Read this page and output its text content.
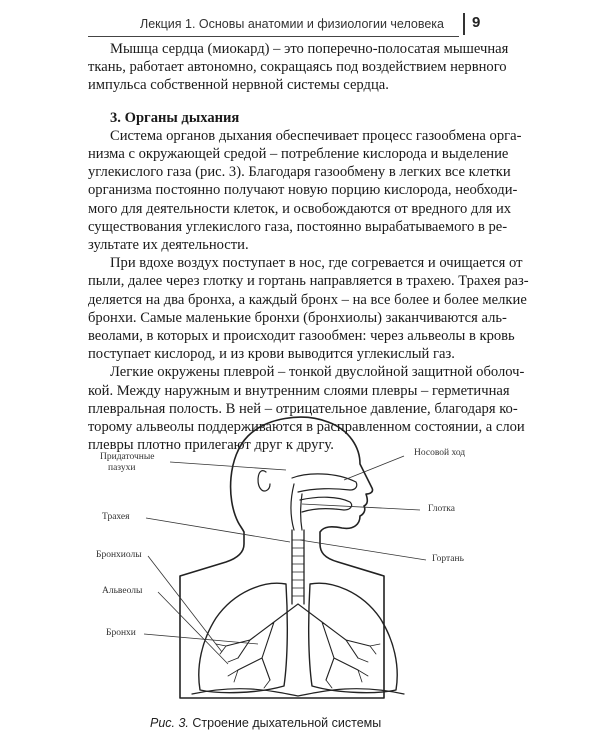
Лекция 1. Основы анатомии и физиологии человека 9
Мышца сердца (миокард) – это поперечно-полосатая мышечная
ткань, работает автономно, сокращаясь под воздействием нервного
импульса собственной нервной системы сердца.
3. Органы дыхания
Система органов дыхания обеспечивает процесс газообмена орга-
низма с окружающей средой – потребление кислорода и выделение
углекислого газа (рис. 3). Благодаря газообмену в легких все клетки
организма постоянно получают новую порцию кислорода, необходи-
мого для деятельности клеток, и освобождаются от вредного для их
существования углекислого газа, постоянно вырабатываемого в ре-
зультате их деятельности.
При вдохе воздух поступает в нос, где согревается и очищается от
пыли, далее через глотку и гортань направляется в трахею. Трахея раз-
деляется на два бронха, а каждый бронх – на все более и более мелкие
бронхи. Самые маленькие бронхи (бронхиолы) заканчиваются аль-
веолами, в которых и происходит газообмен: через альвеолы в кровь
поступает кислород, и из крови выводится углекислый газ.
Легкие окружены плеврой – тонкой двуслойной защитной оболоч-
кой. Между наружным и внутренним слоями плевры – герметичная
плевральная полость. В ней – отрицательное давление, благодаря ко-
торому альвеолы поддерживаются в расправленном состоянии, а слои
плевры плотно прилегают друг к другу.
Придаточные
пазухи
Носовой ход
Глотка
Трахея
Гортань
Бронхиолы
Альвеолы
Бронхи
Рис. 3. Строение дыхательной системы
